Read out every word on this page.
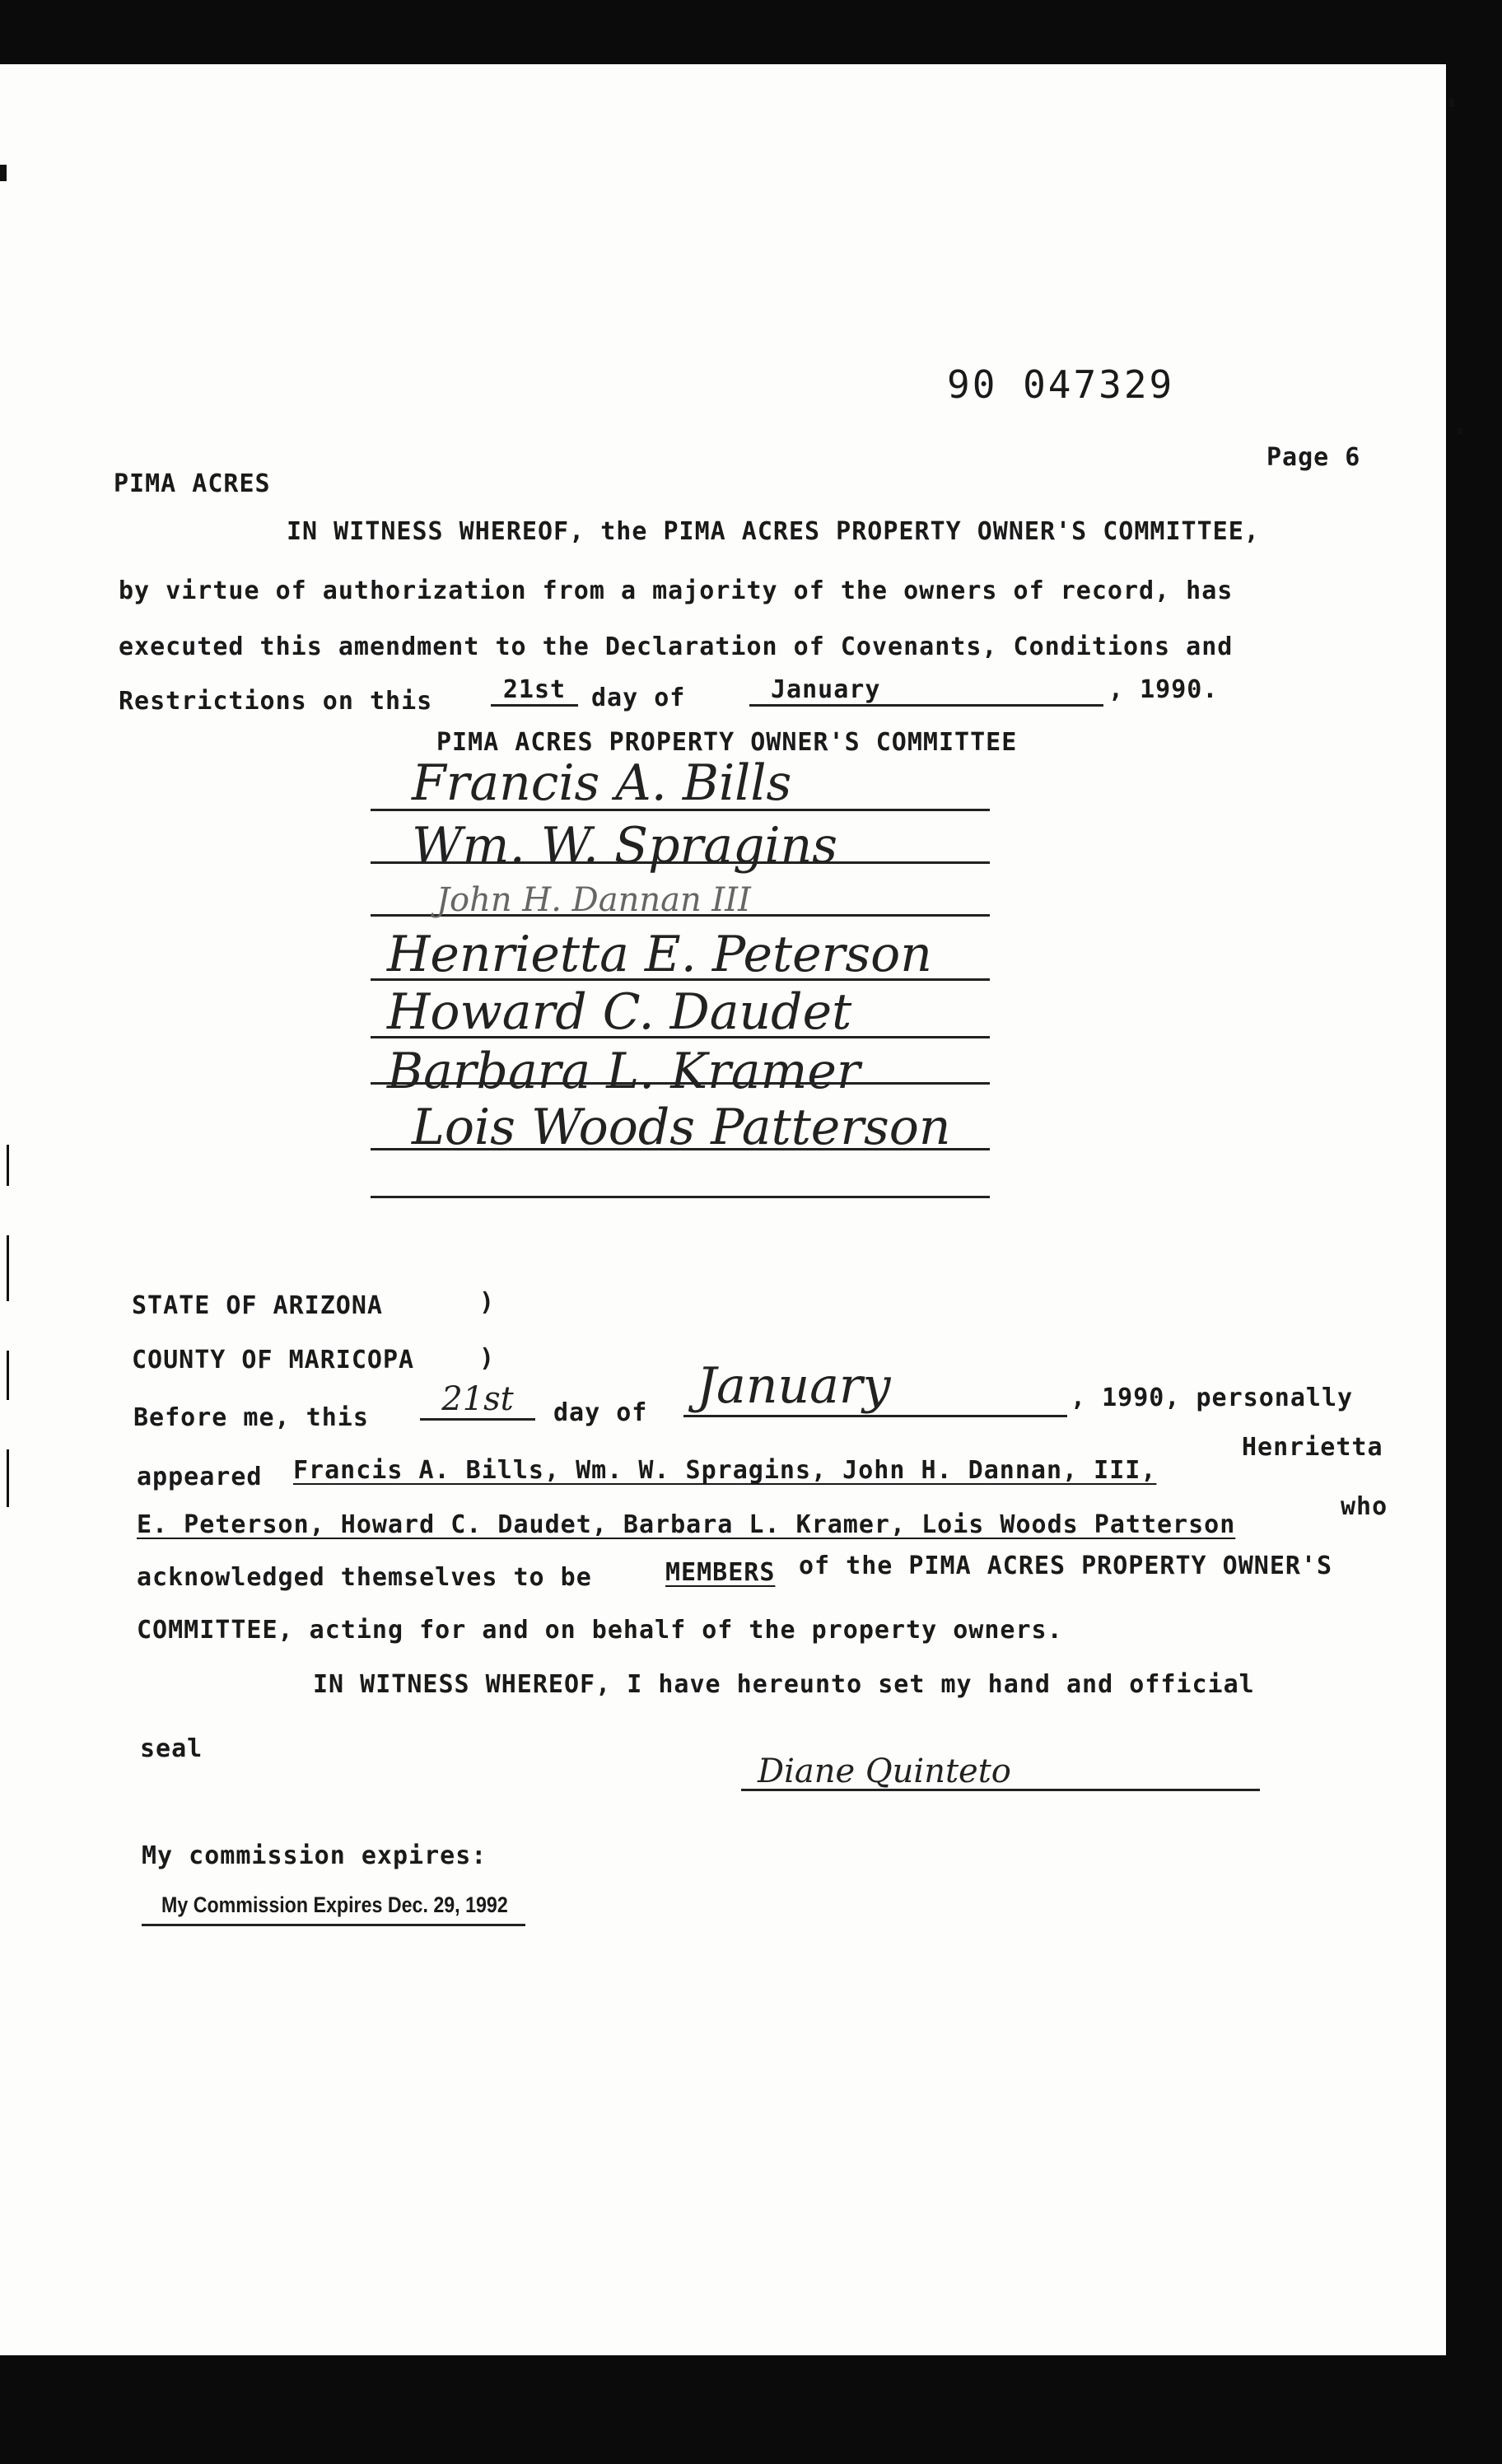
90 047329
Page 6
PIMA ACRES
IN WITNESS WHEREOF, the PIMA ACRES PROPERTY OWNER'S COMMITTEE,
by virtue of authorization from a majority of the owners of record, has
executed this amendment to the Declaration of Covenants, Conditions and
Restrictions on this	21st	day of	January	, 1990.
PIMA ACRES PROPERTY OWNER'S COMMITTEE
Francis A. Bills
Wm. W. Spragins
John H. Dannan III
Henrietta E. Peterson
Howard C. Daudet
Barbara L. Kramer
Lois Woods Patterson
STATE OF ARIZONA	)
COUNTY OF MARICOPA	)
Before me, this	21st	day of January	, 1990, personally
appeared Francis A. Bills, Wm. W. Spragins, John H. Dannan, III,
Henrietta
E. Peterson, Howard C. Daudet, Barbara L. Kramer, Lois Woods Patterson
who
acknowledged themselves to be	MEMBERS of the PIMA ACRES PROPERTY OWNER'S
COMMITTEE, acting for and on behalf of the property owners.
IN WITNESS WHEREOF, I have hereunto set my hand and official
seal
Diane Quinteto
My commission expires:
My Commission Expires Dec. 29, 1992
